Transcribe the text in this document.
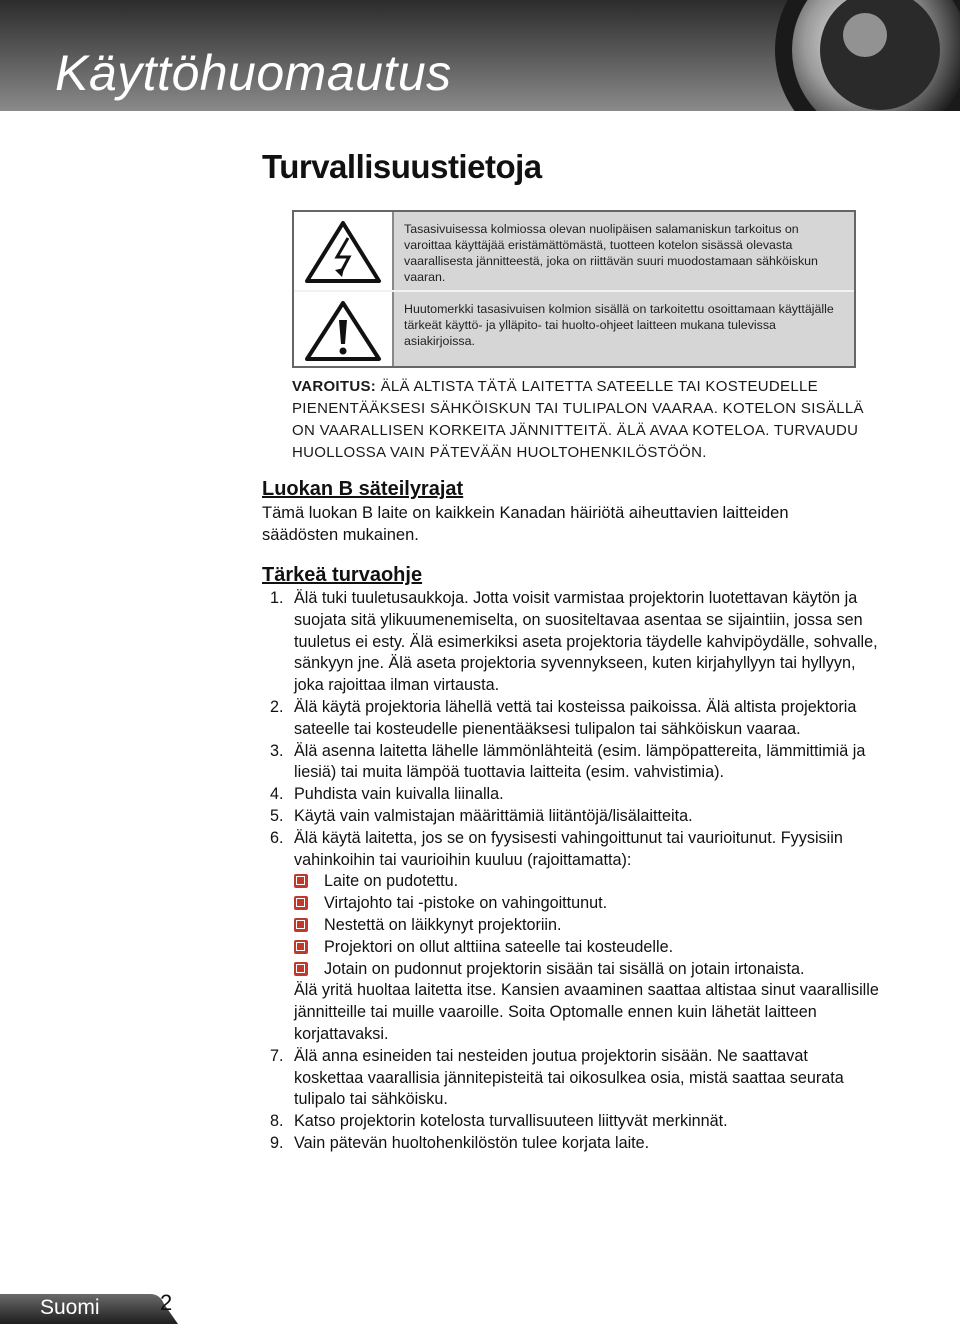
Käyttöhuomautus
Turvallisuustietoja
Tasasivuisessa kolmiossa olevan nuolipäisen salamaniskun tarkoitus on varoittaa käyttäjää eristämättömästä, tuotteen kotelon sisässä olevasta vaarallisesta jännitteestä, joka on riittävän suuri muodostamaan sähköiskun vaaran.
Huutomerkki tasasivuisen kolmion sisällä on tarkoitettu osoittamaan käyttäjälle tärkeät käyttö- ja ylläpito- tai huolto-ohjeet laitteen mukana tulevissa asiakirjoissa.
VAROITUS: ÄLÄ ALTISTA TÄTÄ LAITETTA SATEELLE TAI KOSTEUDELLE PIENENTÄÄKSESI SÄHKÖISKUN TAI TULIPALON VAARAA. KOTELON SISÄLLÄ ON VAARALLISEN KORKEITA JÄNNITTEITÄ. ÄLÄ AVAA KOTELOA. TURVAUDU HUOLLOSSA VAIN PÄTEVÄÄN HUOLTOHENKILÖSTÖÖN.
Luokan B säteilyrajat
Tämä luokan B laite on kaikkein Kanadan häiriötä aiheuttavien laitteiden säädösten mukainen.
Tärkeä turvaohje
1. Älä tuki tuuletusaukkoja. Jotta voisit varmistaa projektorin luotettavan käytön ja suojata sitä ylikuumenemiselta, on suositeltavaa asentaa se sijaintiin, jossa sen tuuletus ei esty. Älä esimerkiksi aseta projektoria täydelle kahvipöydälle, sohvalle, sänkyyn jne. Älä aseta projektoria syvennykseen, kuten kirjahyllyyn tai hyllyyn, joka rajoittaa ilman virtausta.
2. Älä käytä projektoria lähellä vettä tai kosteissa paikoissa. Älä altista projektoria sateelle tai kosteudelle pienentääksesi tulipalon tai sähköiskun vaaraa.
3. Älä asenna laitetta lähelle lämmönlähteitä (esim. lämpöpattereita, lämmittimiä ja liesiä) tai muita lämpöä tuottavia laitteita (esim. vahvistimia).
4. Puhdista vain kuivalla liinalla.
5. Käytä vain valmistajan määrittämiä liitäntöjä/lisälaitteita.
6. Älä käytä laitetta, jos se on fyysisesti vahingoittunut tai vaurioitunut. Fyysisiin vahinkoihin tai vaurioihin kuuluu (rajoittamatta):
Laite on pudotettu.
Virtajohto tai -pistoke on vahingoittunut.
Nestettä on läikkynyt projektoriin.
Projektori on ollut alttiina sateelle tai kosteudelle.
Jotain on pudonnut projektorin sisään tai sisällä on jotain irtonaista.
Älä yritä huoltaa laitetta itse. Kansien avaaminen saattaa altistaa sinut vaarallisille jännitteille tai muille vaaroille. Soita Optomalle ennen kuin lähetät laitteen korjattavaksi.
7. Älä anna esineiden tai nesteiden joutua projektorin sisään. Ne saattavat koskettaa vaarallisia jännitepisteitä tai oikosulkea osia, mistä saattaa seurata tulipalo tai sähköisku.
8. Katso projektorin kotelosta turvallisuuteen liittyvät merkinnät.
9. Vain pätevän huoltohenkilöstön tulee korjata laite.
Suomi	2
